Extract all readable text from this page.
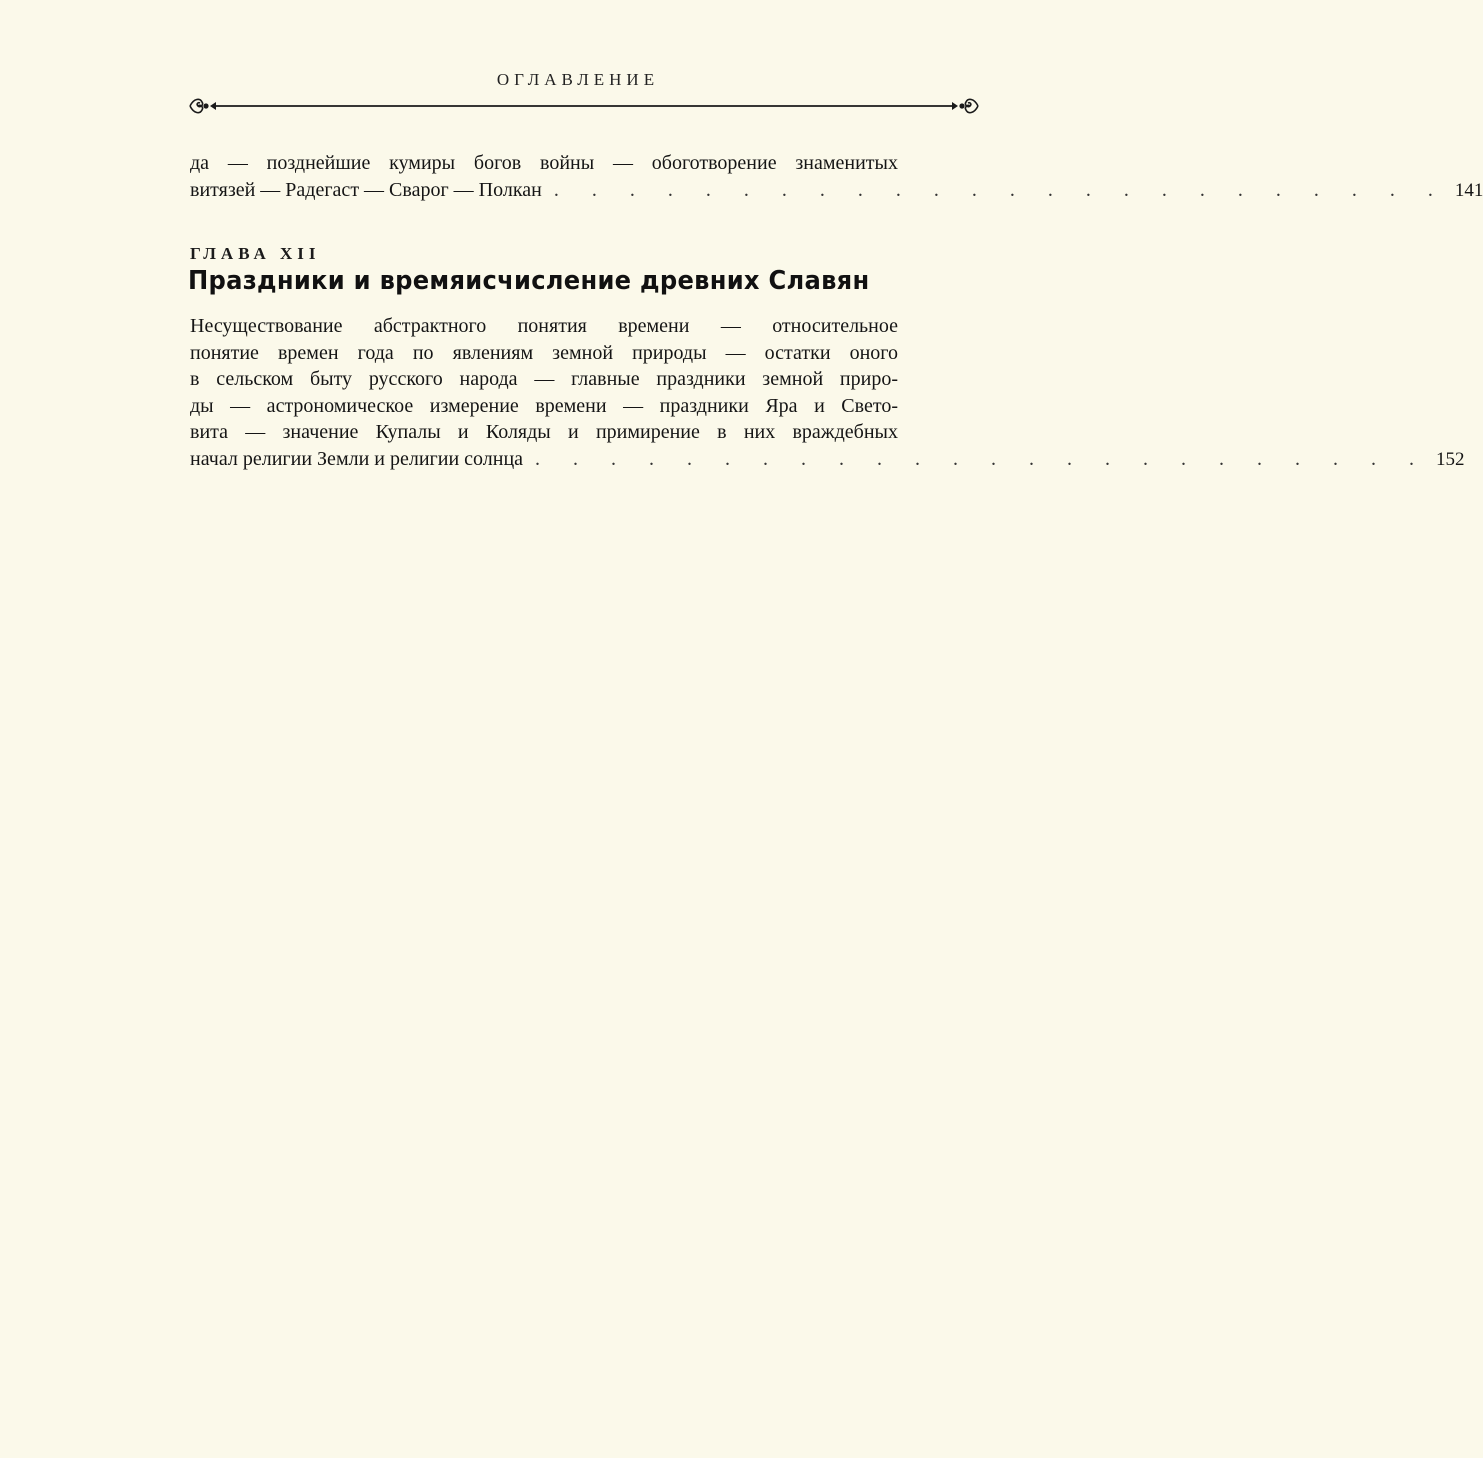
ОГЛАВЛЕНИЕ
да — позднейшие кумиры богов войны — обоготворение знаменитых
витязей — Радегаст — Сварог — Полкан . . . . . . . . . . . . . . . . . . . . . . . . 141
ГЛАВА XII
Праздники и времяисчисление древних Славян
Несуществование абстрактного понятия времени — относительное
понятие времен года по явлениям земной природы — остатки оного
в сельском быту русского народа — главные праздники земной приро-
ды — астрономическое измерение времени — праздники Яра и Свето-
вита — значение Купалы и Коляды и примирение в них враждебных
начал религии Земли и религии солнца . . . . . . . . . . . . . . . . . . . . . . . . 152
